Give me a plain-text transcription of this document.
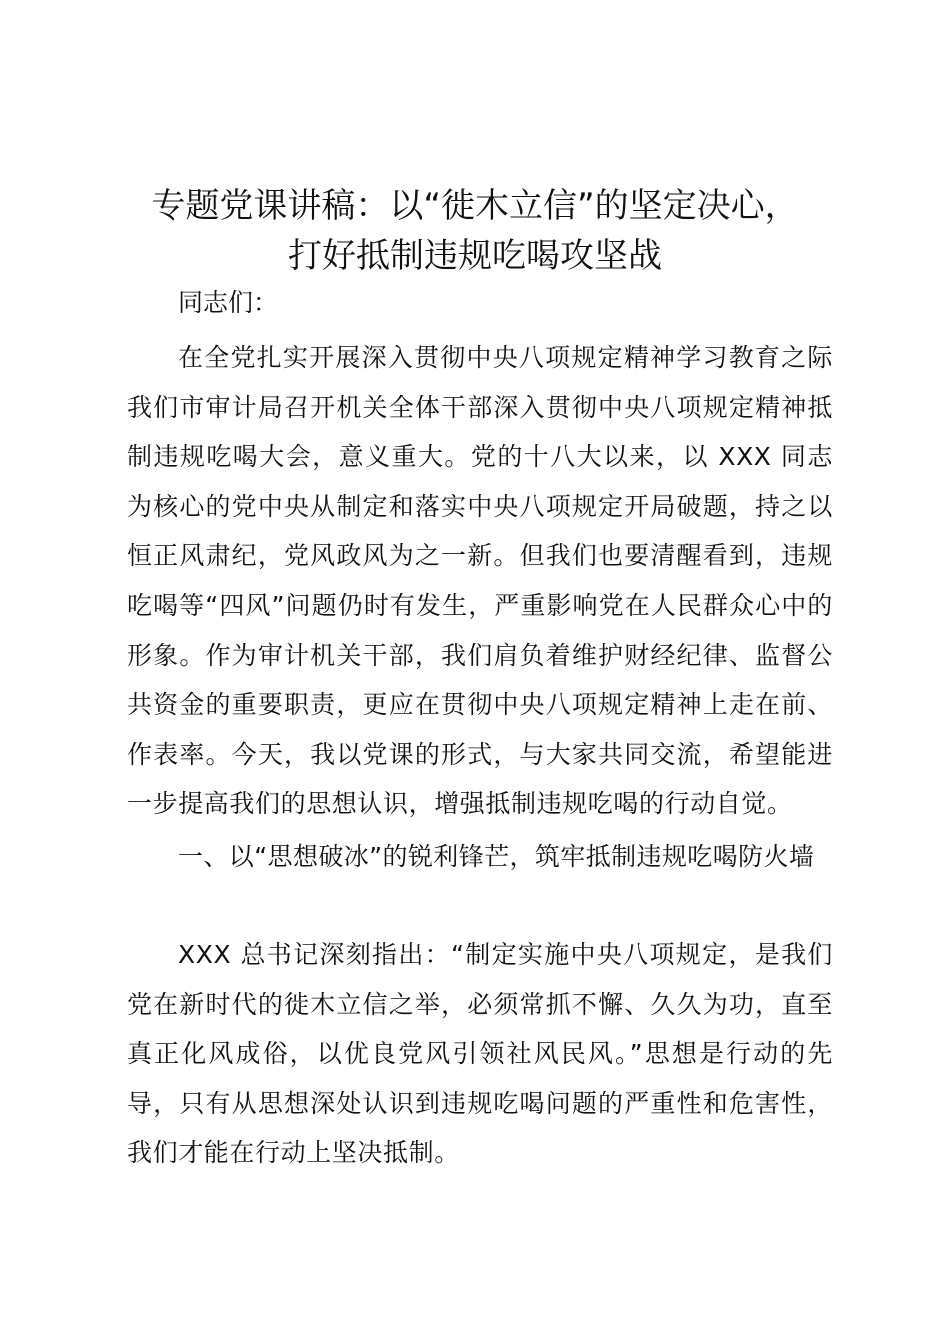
专题党课讲稿：以“徙木立信”的坚定决心，
打好抵制违规吃喝攻坚战

同志们：

在全党扎实开展深入贯彻中央八项规定精神学习教育之际我们市审计局召开机关全体干部深入贯彻中央八项规定精神抵制违规吃喝大会，意义重大。党的十八大以来，以 XXX 同志为核心的党中央从制定和落实中央八项规定开局破题，持之以恒正风肃纪，党风政风为之一新。但我们也要清醒看到，违规吃喝等“四风”问题仍时有发生，严重影响党在人民群众心中的形象。作为审计机关干部，我们肩负着维护财经纪律、监督公共资金的重要职责，更应在贯彻中央八项规定精神上走在前、作表率。今天，我以党课的形式，与大家共同交流，希望能进一步提高我们的思想认识，增强抵制违规吃喝的行动自觉。

一、以“思想破冰”的锐利锋芒，筑牢抵制违规吃喝防火墙

XXX 总书记深刻指出：“制定实施中央八项规定，是我们党在新时代的徙木立信之举，必须常抓不懈、久久为功，直至真正化风成俗，以优良党风引领社风民风。”思想是行动的先导，只有从思想深处认识到违规吃喝问题的严重性和危害性，我们才能在行动上坚决抵制。
